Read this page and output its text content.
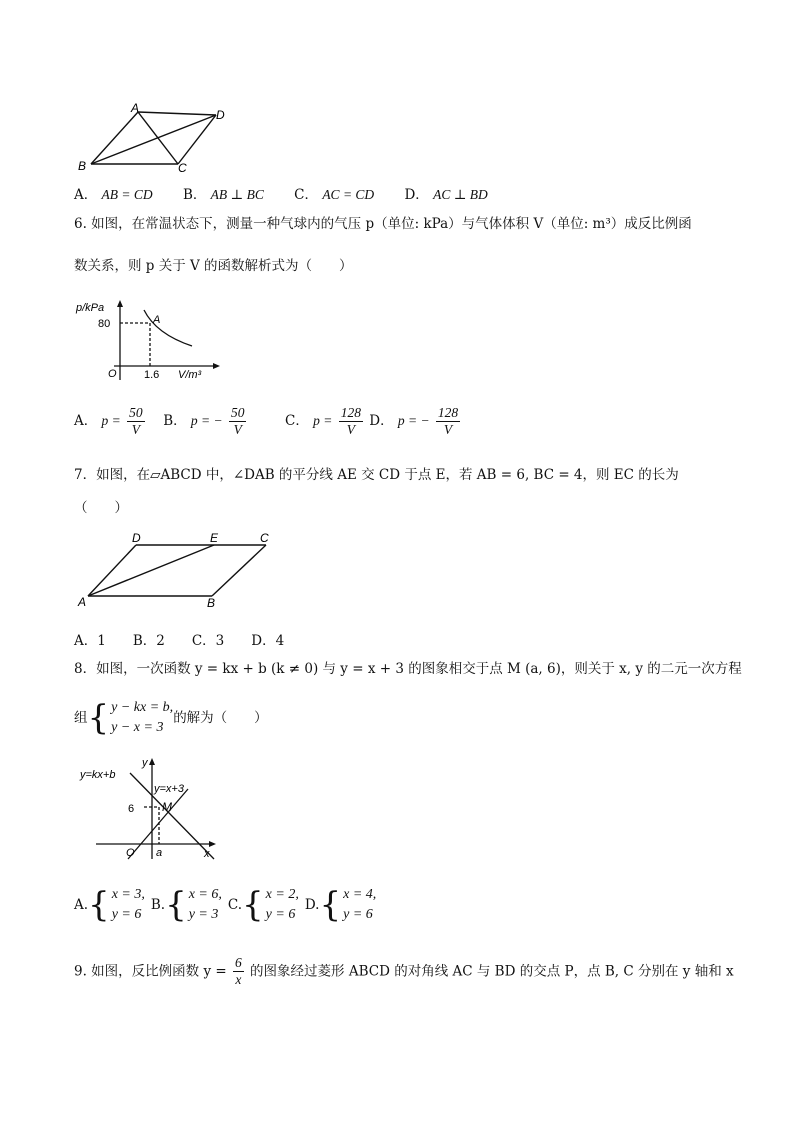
A	D
B	C
A． AB = CD B． AB ⊥ BC C． AC = CD D． AC ⊥ BD
6. 如图，在常温状态下，测量一种气球内的气压 p（单位: kPa）与气体体积 V（单位: m³）成反比例函
数关系，则 p 关于 V 的函数解析式为（　　）
p/kPa
80	A
O 1.6 V/m³
A． $p = \frac{50}{V}$ B． p = − $\frac{50}{V}$	C． $p = \frac{128}{V}$ D． p = − $\frac{128}{V}$
7．如图，在▱ABCD 中，∠DAB 的平分线 AE 交 CD 于点 E，若 AB = 6, BC = 4，则 EC 的长为
（　　）
D	E	C
A	B
A．1　　B．2　　C．3　　D．4
8．如图，一次函数 y = kx + b (k ≠ 0) 与 y = x + 3 的图象相交于点 M (a, 6)，则关于 x, y 的二元一次方程
组{ y − kx = b,
y − x = 3
的解为（　　）
y
y=kx+b
y=x+3
6 M
O a	x
A. { x = 3,
y = 6
B. { x = 6,
y = 3
C. { x = 2,
y = 6
D. { x = 4,
y = 6
9. 如图，反比例函数 $y = \frac{6}{x}$ 的图象经过菱形 ABCD 的对角线 AC 与 BD 的交点 P，点 B, C 分别在 y 轴和 x
